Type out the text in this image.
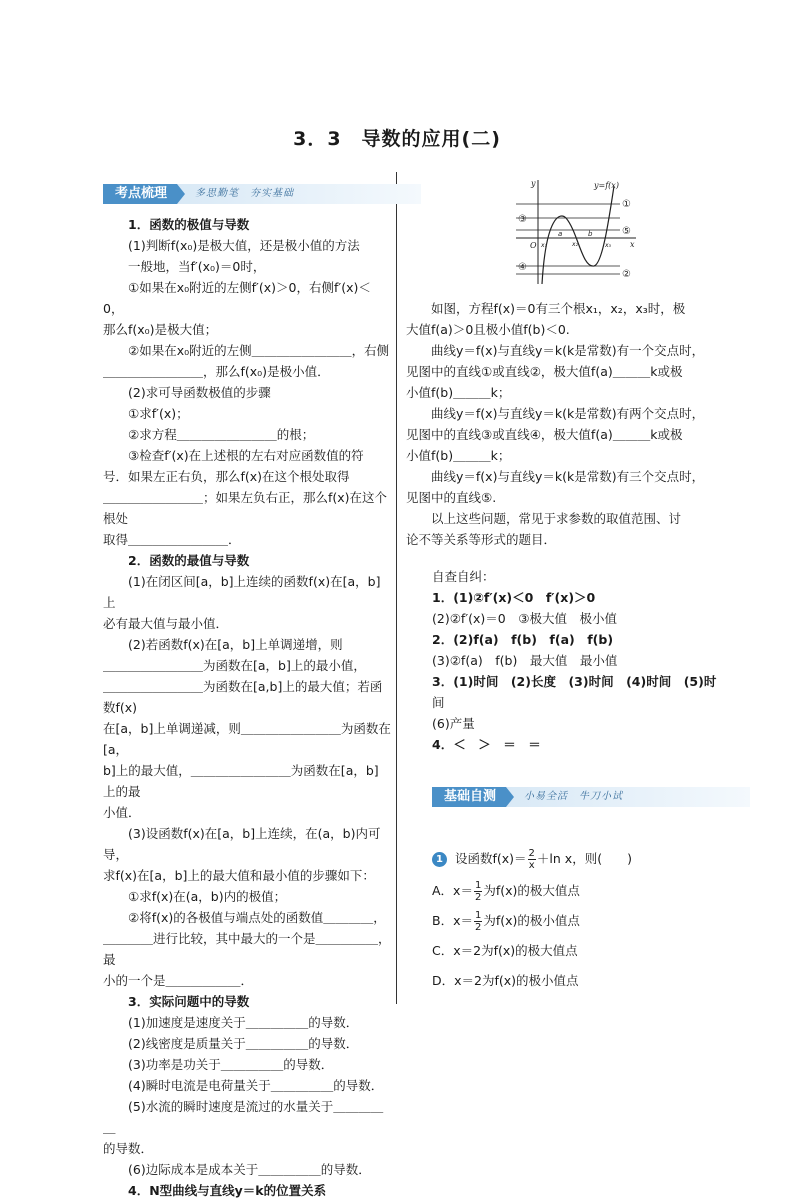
3．3　导数的应用(二)
考点梳理	多思勤笔　夯实基础

1．函数的极值与导数

(1)判断f(x₀)是极大值，还是极小值的方法

一般地，当f′(x₀)＝0时，

①如果在x₀附近的左侧f′(x)＞0，右侧f′(x)＜0，

那么f(x₀)是极大值；

②如果在x₀附近的左侧＿＿＿＿＿＿＿＿，右侧

＿＿＿＿＿＿＿＿，那么f(x₀)是极小值．

(2)求可导函数极值的步骤

①求f′(x)；

②求方程＿＿＿＿＿＿＿＿的根；

③检查f′(x)在上述根的左右对应函数值的符

号．如果左正右负，那么f(x)在这个根处取得

＿＿＿＿＿＿＿＿；如果左负右正，那么f(x)在这个根处

取得＿＿＿＿＿＿＿＿．

2．函数的最值与导数

(1)在闭区间[a，b]上连续的函数f(x)在[a，b]上

必有最大值与最小值．

(2)若函数f(x)在[a，b]上单调递增，则

＿＿＿＿＿＿＿＿为函数在[a，b]上的最小值，

＿＿＿＿＿＿＿＿为函数在[a,b]上的最大值；若函数f(x)

在[a，b]上单调递减，则＿＿＿＿＿＿＿＿为函数在[a，

b]上的最大值，＿＿＿＿＿＿＿＿为函数在[a，b]上的最

小值．

(3)设函数f(x)在[a，b]上连续，在(a，b)内可导，

求f(x)在[a，b]上的最大值和最小值的步骤如下：

①求f(x)在(a，b)内的极值；

②将f(x)的各极值与端点处的函数值＿＿＿＿，

＿＿＿＿进行比较，其中最大的一个是＿＿＿＿＿，最

小的一个是＿＿＿＿＿＿．

3．实际问题中的导数

(1)加速度是速度关于＿＿＿＿＿的导数．

(2)线密度是质量关于＿＿＿＿＿的导数．

(3)功率是功关于＿＿＿＿＿的导数．

(4)瞬时电流是电荷量关于＿＿＿＿＿的导数．

(5)水流的瞬时速度是流过的水量关于＿＿＿＿＿

的导数．

(6)边际成本是成本关于＿＿＿＿＿的导数．

4．N型曲线与直线y＝k的位置关系

y=f(x)
y
x
O
①
②
③
④
⑤
x₁	x₂	x₃
a	b

如图，方程f(x)＝0有三个根x₁，x₂，x₃时，极

大值f(a)＞0且极小值f(b)＜0.

曲线y＝f(x)与直线y＝k(k是常数)有一个交点时，

见图中的直线①或直线②，极大值f(a)＿＿＿k或极

小值f(b)＿＿＿k；

曲线y＝f(x)与直线y＝k(k是常数)有两个交点时，

见图中的直线③或直线④，极大值f(a)＿＿＿k或极

小值f(b)＿＿＿k；

曲线y＝f(x)与直线y＝k(k是常数)有三个交点时，

见图中的直线⑤.

以上这些问题，常见于求参数的取值范围、讨

论不等关系等形式的题目．

自查自纠：

1．(1)②f′(x)＜0　f′(x)＞0

(2)②f′(x)＝0　③极大值　极小值

2．(2)f(a)　f(b)　f(a)　f(b)

(3)②f(a)　f(b)　最大值　最小值

3．(1)时间　(2)长度　(3)时间　(4)时间　(5)时

间

(6)产量

4．＜　＞　＝　＝

基础自测	小易全活　牛刀小试

1 设函数$f(x)= \frac{2}{x} +\ln$ x，则(　　)

A．$x= \frac{1}{2}$ 为f(x)的极大值点

B．$x= \frac{1}{2}$ 为f(x)的极小值点

C．x＝2为f(x)的极大值点

D．x＝2为f(x)的极小值点
